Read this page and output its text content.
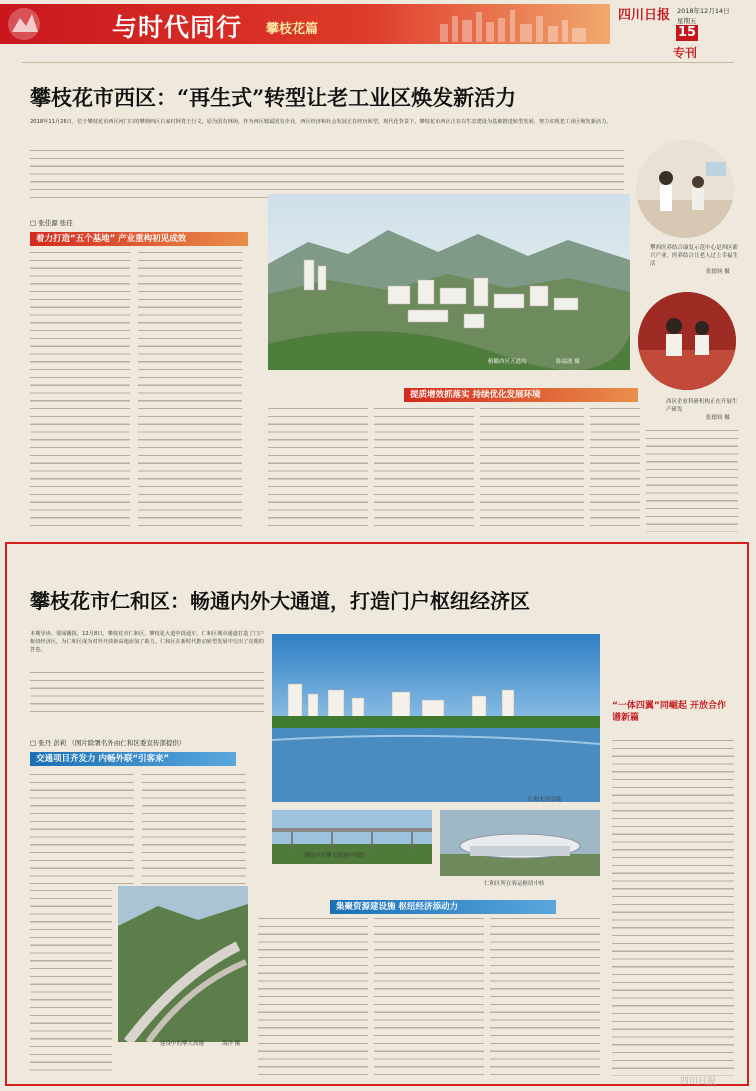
与时代同行 攀枝花篇
四川日报 2018年12月14日
星期五
15
专刊
攀枝花市西区：“再生式”转型让老工业区焕发新活力
2018年11月26日，位于攀枝花市西区河门口的攀钢西区石家村阿育王行文，原为国有林场，作为西区辖属国有企业，西区经济和社会发展正在经历转型。现代化背景下，攀枝花市西区正在以生态建设为基础推进转型发展，努力实现老工业区焕发新活力。
□ 张佳源 张佳
着力打造“五个基地” 产业重构初见成效
俯瞰西区五道沟	陈福波 摄
攀西医养结合康复示范中心是西区新兴产业，医养结合让老人过上幸福生活
张德钧 摄
西区企业科研机构正在开展生产研发
张德钧 摄
提质增效抓落实 持续优化发展环境
攀枝花市仁和区：畅通内外大通道，打造门户枢纽经济区
本期导读。要闻播报，12月8日，攀枝花市仁和区，攀枝花大道中段通车，仁和区城市通道打造了门户枢纽经济区，为仁和区成为对外开放新高地添加了助力。仁和区在新时代推动转型发展中交出了亮眼的答卷。
□ 张丹 彭莉 （图片除署名外由仁和区委宣传部提供）
交通项目齐发力 内畅外联“引客来”
仁和大河沿线
建设中的攀大高速中坝段
仁和区所在客运枢纽中转
集聚资源建设施 枢纽经济添动力
建设中的攀大高速	海洋 摄
“一体四翼”同崛起 开放合作谱新篇
四川日报
